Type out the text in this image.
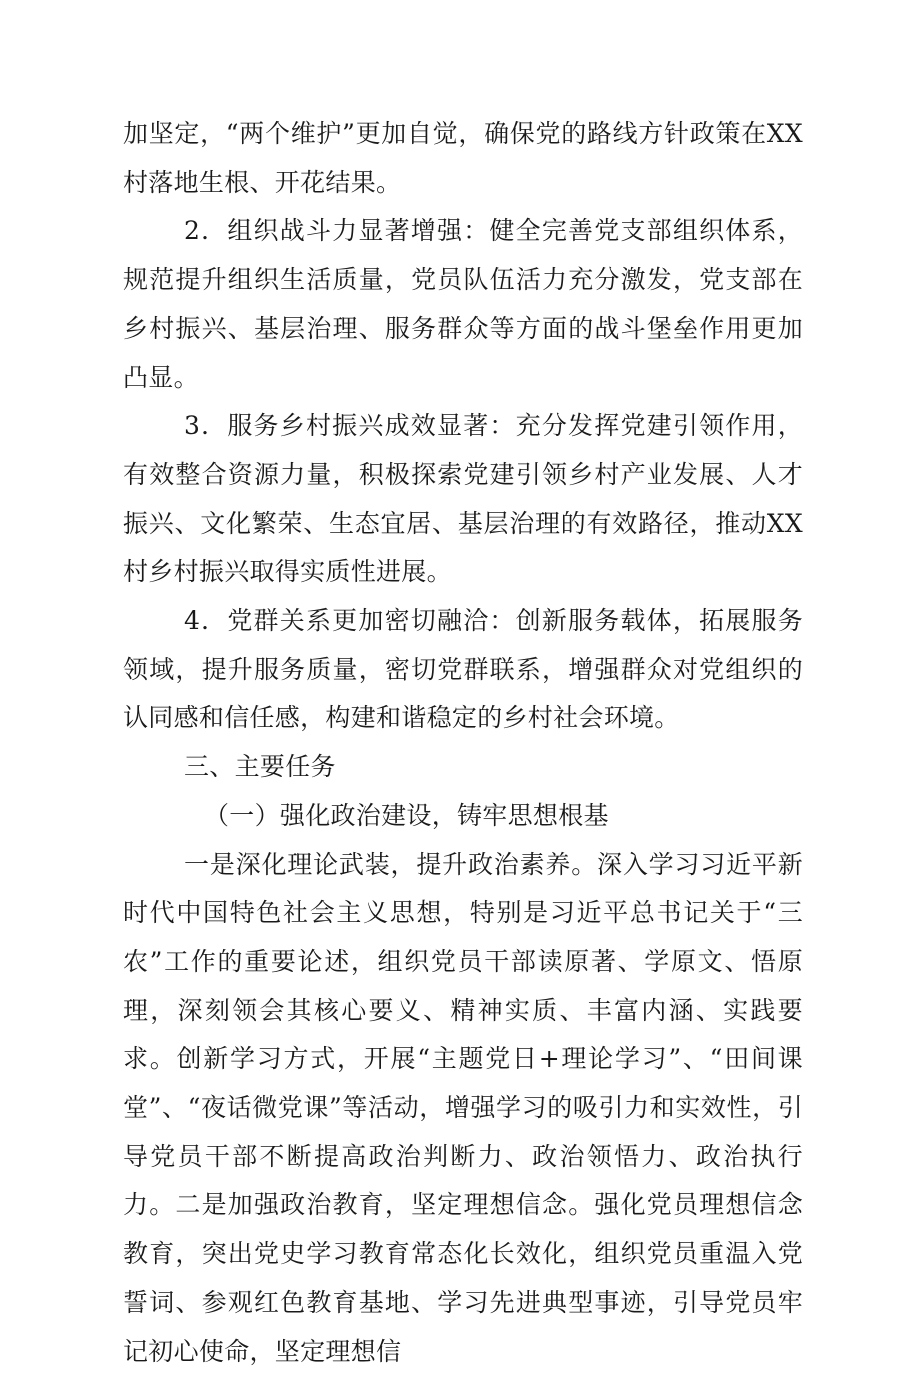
加坚定，“两个维护”更加自觉，确保党的路线方针政策在XX村落地生根、开花结果。

2．组织战斗力显著增强：健全完善党支部组织体系，规范提升组织生活质量，党员队伍活力充分激发，党支部在乡村振兴、基层治理、服务群众等方面的战斗堡垒作用更加凸显。

3．服务乡村振兴成效显著：充分发挥党建引领作用，有效整合资源力量，积极探索党建引领乡村产业发展、人才振兴、文化繁荣、生态宜居、基层治理的有效路径，推动XX村乡村振兴取得实质性进展。

4．党群关系更加密切融洽：创新服务载体，拓展服务领域，提升服务质量，密切党群联系，增强群众对党组织的认同感和信任感，构建和谐稳定的乡村社会环境。

三、主要任务

（一）强化政治建设，铸牢思想根基

一是深化理论武装，提升政治素养。深入学习习近平新时代中国特色社会主义思想，特别是习近平总书记关于“三农”工作的重要论述，组织党员干部读原著、学原文、悟原理，深刻领会其核心要义、精神实质、丰富内涵、实践要求。创新学习方式，开展“主题党日+理论学习”、“田间课堂”、“夜话微党课”等活动，增强学习的吸引力和实效性，引导党员干部不断提高政治判断力、政治领悟力、政治执行力。二是加强政治教育，坚定理想信念。强化党员理想信念教育，突出党史学习教育常态化长效化，组织党员重温入党誓词、参观红色教育基地、学习先进典型事迹，引导党员牢记初心使命，坚定理想信
